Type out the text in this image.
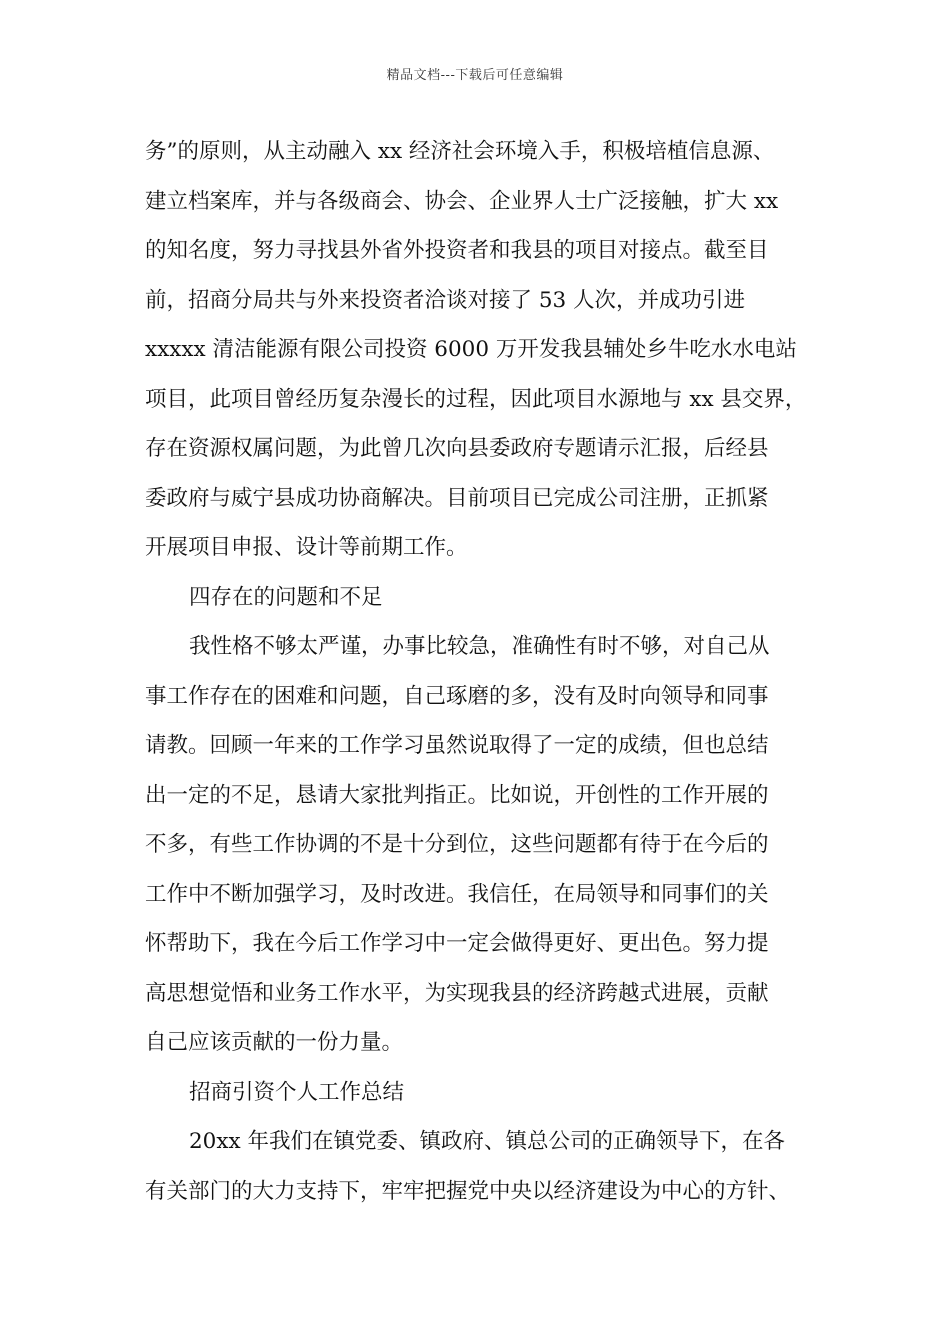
精品文档---下载后可任意编辑
务”的原则，从主动融入 xx 经济社会环境入手，积极培植信息源、
建立档案库，并与各级商会、协会、企业界人士广泛接触，扩大 xx
的知名度，努力寻找县外省外投资者和我县的项目对接点。截至目
前，招商分局共与外来投资者洽谈对接了 53 人次，并成功引进
xxxxx 清洁能源有限公司投资 6000 万开发我县辅处乡牛吃水水电站
项目，此项目曾经历复杂漫长的过程，因此项目水源地与 xx 县交界，
存在资源权属问题，为此曾几次向县委政府专题请示汇报，后经县
委政府与威宁县成功协商解决。目前项目已完成公司注册，正抓紧
开展项目申报、设计等前期工作。
四存在的问题和不足
我性格不够太严谨，办事比较急，准确性有时不够，对自己从
事工作存在的困难和问题，自己琢磨的多，没有及时向领导和同事
请教。回顾一年来的工作学习虽然说取得了一定的成绩，但也总结
出一定的不足，恳请大家批判指正。比如说，开创性的工作开展的
不多，有些工作协调的不是十分到位，这些问题都有待于在今后的
工作中不断加强学习，及时改进。我信任，在局领导和同事们的关
怀帮助下，我在今后工作学习中一定会做得更好、更出色。努力提
高思想觉悟和业务工作水平，为实现我县的经济跨越式进展，贡献
自己应该贡献的一份力量。
招商引资个人工作总结
20xx 年我们在镇党委、镇政府、镇总公司的正确领导下，在各
有关部门的大力支持下，牢牢把握党中央以经济建设为中心的方针、
